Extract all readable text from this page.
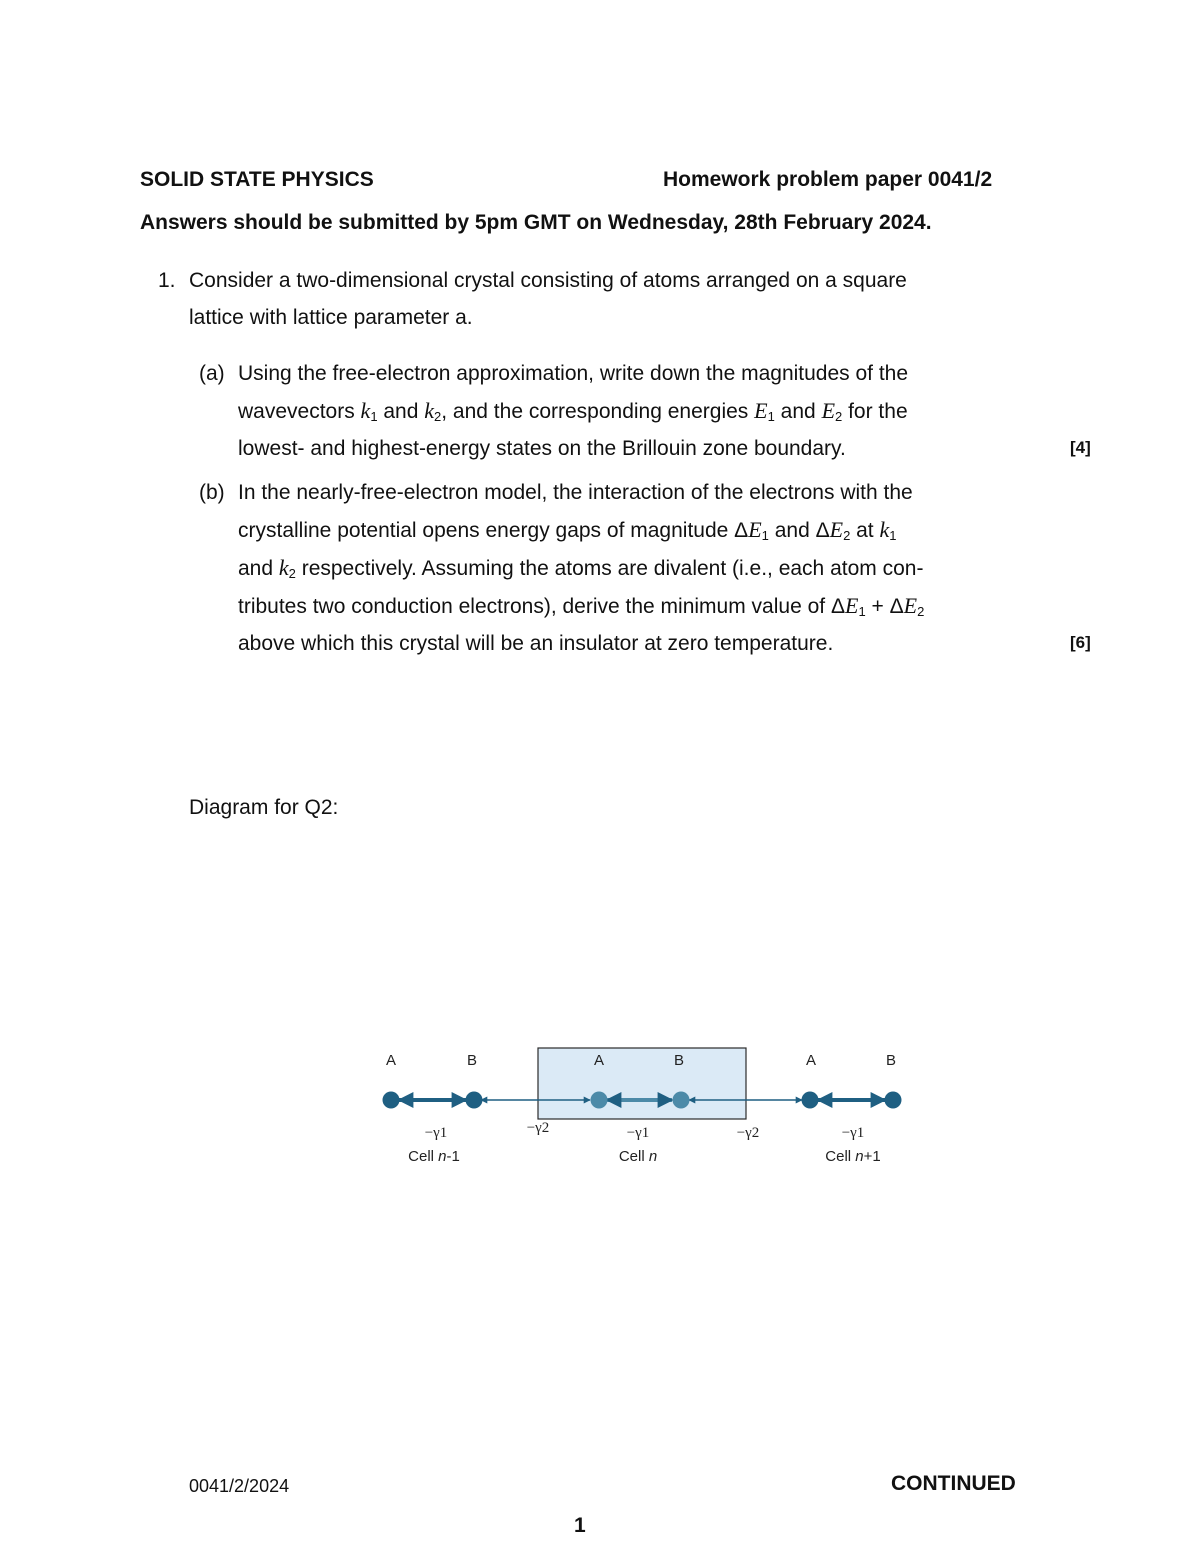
SOLID STATE PHYSICS	Homework problem paper 0041/2
Answers should be submitted by 5pm GMT on Wednesday, 28th February 2024.
1. Consider a two-dimensional crystal consisting of atoms arranged on a square
lattice with lattice parameter a.
(a) Using the free-electron approximation, write down the magnitudes of the
wavevectors $k_1$ and $k_2$, and the corresponding energies $E_1$ and $E_2$ for the
lowest- and highest-energy states on the Brillouin zone boundary.	[4]
(b) In the nearly-free-electron model, the interaction of the electrons with the
crystalline potential opens energy gaps of magnitude $\Delta E_1$ and $\Delta E_2$ at $k_1$
and $k_2$ respectively. Assuming the atoms are divalent (i.e., each atom con-
tributes two conduction electrons), derive the minimum value of $\Delta E_1 + \Delta E_2$
above which this crystal will be an insulator at zero temperature.	[6]
Diagram for Q2:
A	B	A	B	A	B
−γ1	−γ2	−γ1	−γ2	−γ1
Cell n-1	Cell n	Cell n+1
0041/2/2024	CONTINUED
1
